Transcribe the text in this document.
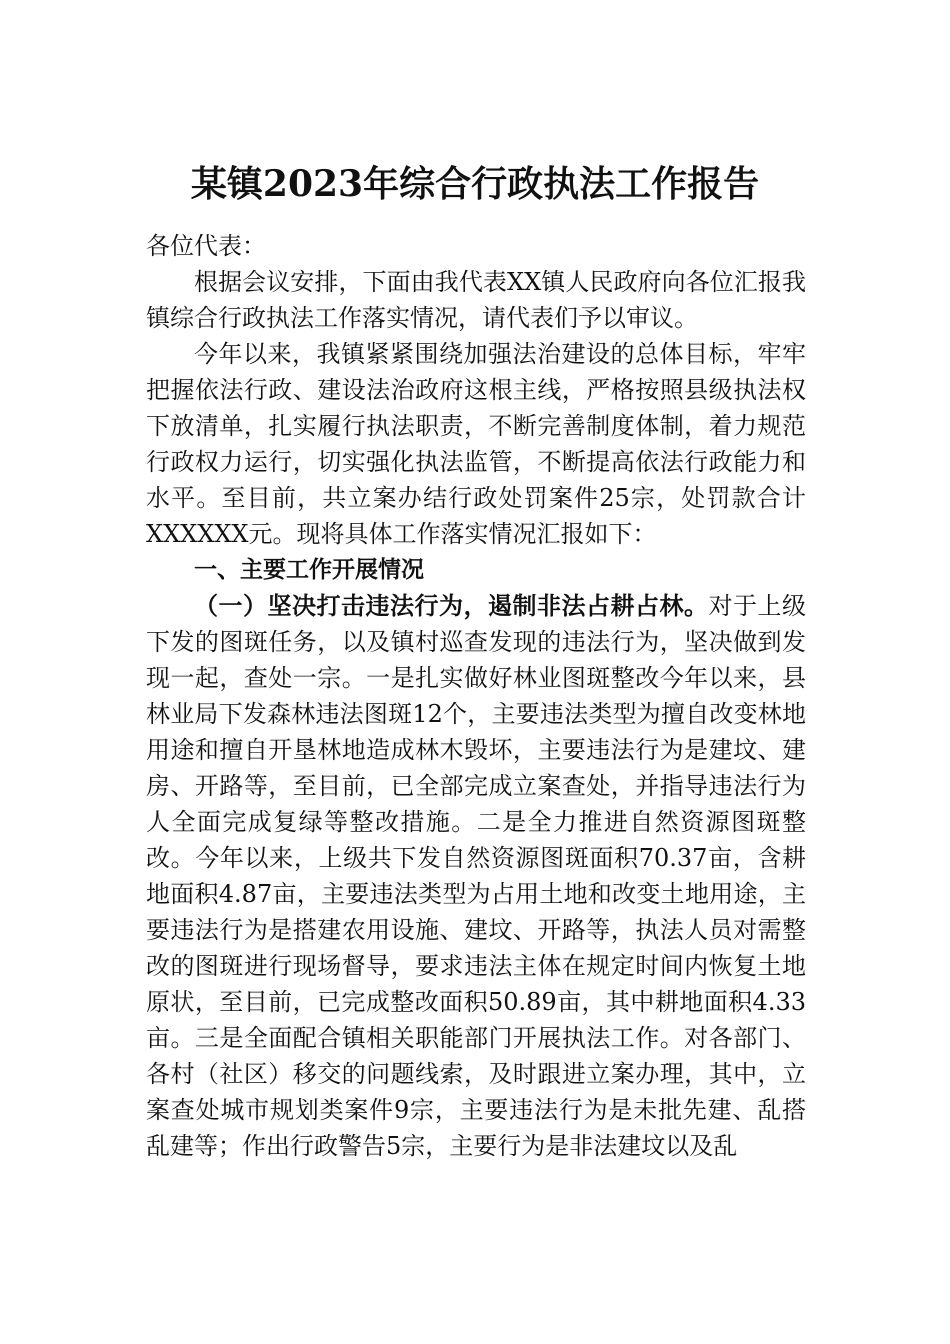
某镇2023年综合行政执法工作报告

各位代表：

根据会议安排，下面由我代表XX镇人民政府向各位汇报我镇综合行政执法工作落实情况，请代表们予以审议。

今年以来，我镇紧紧围绕加强法治建设的总体目标，牢牢把握依法行政、建设法治政府这根主线，严格按照县级执法权下放清单，扎实履行执法职责，不断完善制度体制，着力规范行政权力运行，切实强化执法监管，不断提高依法行政能力和水平。至目前，共立案办结行政处罚案件25宗，处罚款合计XXXXXX元。现将具体工作落实情况汇报如下：

一、主要工作开展情况

（一）坚决打击违法行为，遏制非法占耕占林。对于上级下发的图斑任务，以及镇村巡查发现的违法行为，坚决做到发现一起，查处一宗。一是扎实做好林业图斑整改今年以来，县林业局下发森林违法图斑12个，主要违法类型为擅自改变林地用途和擅自开垦林地造成林木毁坏，主要违法行为是建坟、建房、开路等，至目前，已全部完成立案查处，并指导违法行为人全面完成复绿等整改措施。二是全力推进自然资源图斑整改。今年以来，上级共下发自然资源图斑面积70.37亩，含耕地面积4.87亩，主要违法类型为占用土地和改变土地用途，主要违法行为是搭建农用设施、建坟、开路等，执法人员对需整改的图斑进行现场督导，要求违法主体在规定时间内恢复土地原状，至目前，已完成整改面积50.89亩，其中耕地面积4.33亩。三是全面配合镇相关职能部门开展执法工作。对各部门、各村（社区）移交的问题线索，及时跟进立案办理，其中，立案查处城市规划类案件9宗，主要违法行为是未批先建、乱搭乱建等；作出行政警告5宗，主要行为是非法建坟以及乱
